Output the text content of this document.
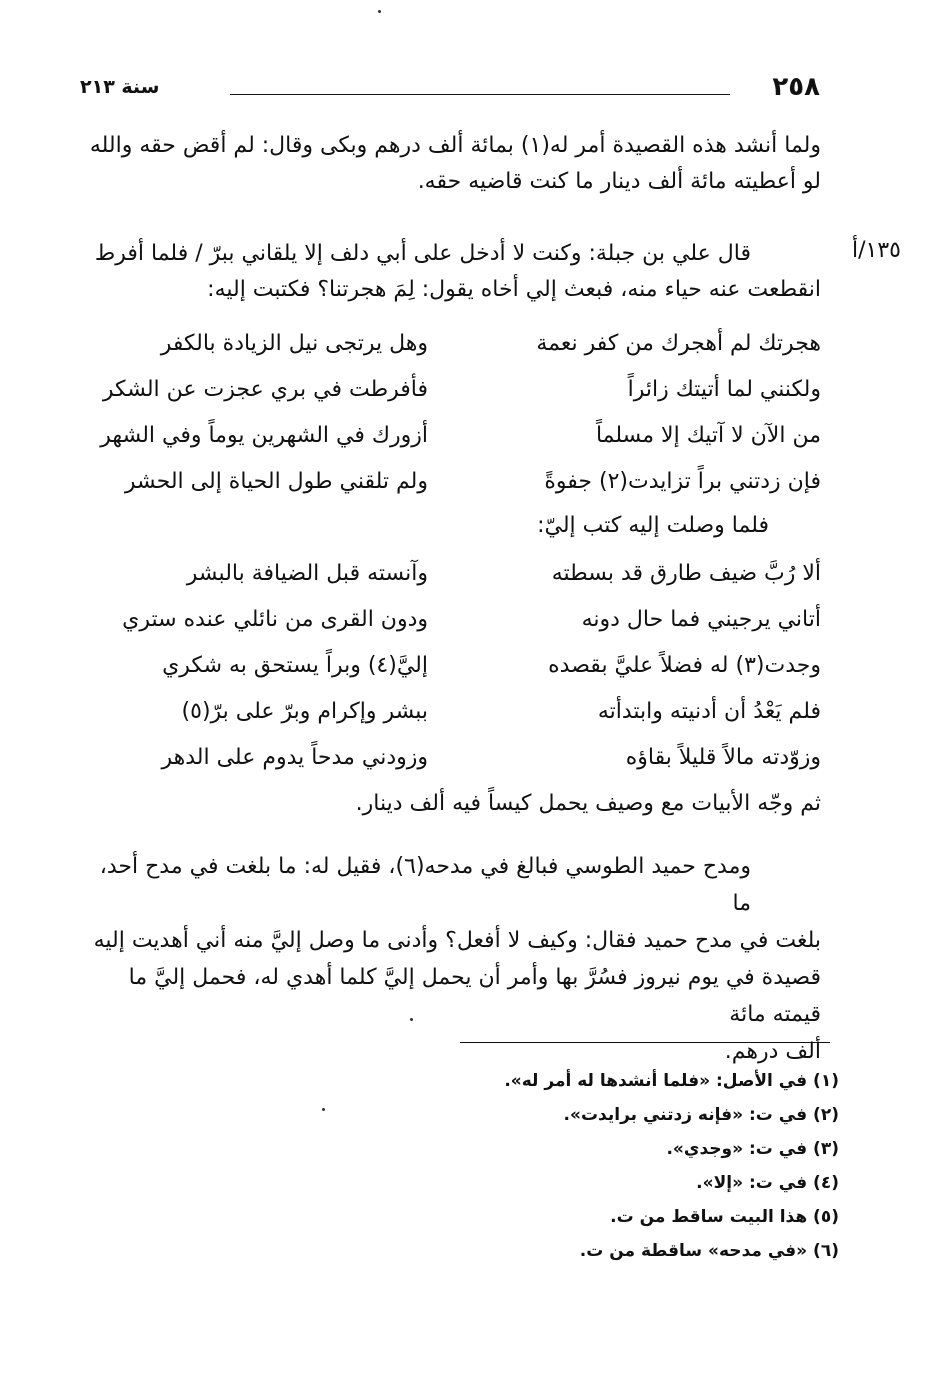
٢٥٨
سنة ٢١٣
ولما أنشد هذه القصيدة أمر له(١) بمائة ألف درهم وبكى وقال: لم أقض حقه والله
لو أعطيته مائة ألف دينار ما كنت قاضيه حقه.
١٣٥/أ
قال علي بن جبلة: وكنت لا أدخل على أبي دلف إلا يلقاني ببرّ / فلما أفرط
انقطعت عنه حياء منه، فبعث إلي أخاه يقول: لِمَ هجرتنا؟ فكتبت إليه:
هجرتك لم أهجرك من كفر نعمة
وهل يرتجى نيل الزيادة بالكفر
ولكنني لما أتيتك زائراً
فأفرطت في بري عجزت عن الشكر
من الآن لا آتيك إلا مسلماً
أزورك في الشهرين يوماً وفي الشهر
فإن زدتني براً تزايدت(٢) جفوةً
ولم تلقني طول الحياة إلى الحشر
فلما وصلت إليه كتب إليّ:
ألا رُبَّ ضيف طارق قد بسطته
وآنسته قبل الضيافة بالبشر
أتاني يرجيني فما حال دونه
ودون القرى من نائلي عنده ستري
وجدت(٣) له فضلاً عليَّ بقصده
إليَّ(٤) وبراً يستحق به شكري
فلم يَعْدُ أن أدنيته وابتدأته
ببشر وإكرام وبرّ على برّ(٥)
وزوّدته مالاً قليلاً بقاؤه
وزودني مدحاً يدوم على الدهر
ثم وجّه الأبيات مع وصيف يحمل كيساً فيه ألف دينار.
ومدح حميد الطوسي فبالغ في مدحه(٦)، فقيل له: ما بلغت في مدح أحد، ما
بلغت في مدح حميد فقال: وكيف لا أفعل؟ وأدنى ما وصل إليَّ منه أني أهديت إليه
قصيدة في يوم نيروز فسُرَّ بها وأمر أن يحمل إليَّ كلما أهدي له، فحمل إليَّ ما قيمته مائة
ألف درهم.
(١) في الأصل: «فلما أنشدها له أمر له».
(٢) في ت: «فإنه زدتني برايدت».
(٣) في ت: «وجدي».
(٤) في ت: «إلا».
(٥) هذا البيت ساقط من ت.
(٦) «في مدحه» ساقطة من ت.
